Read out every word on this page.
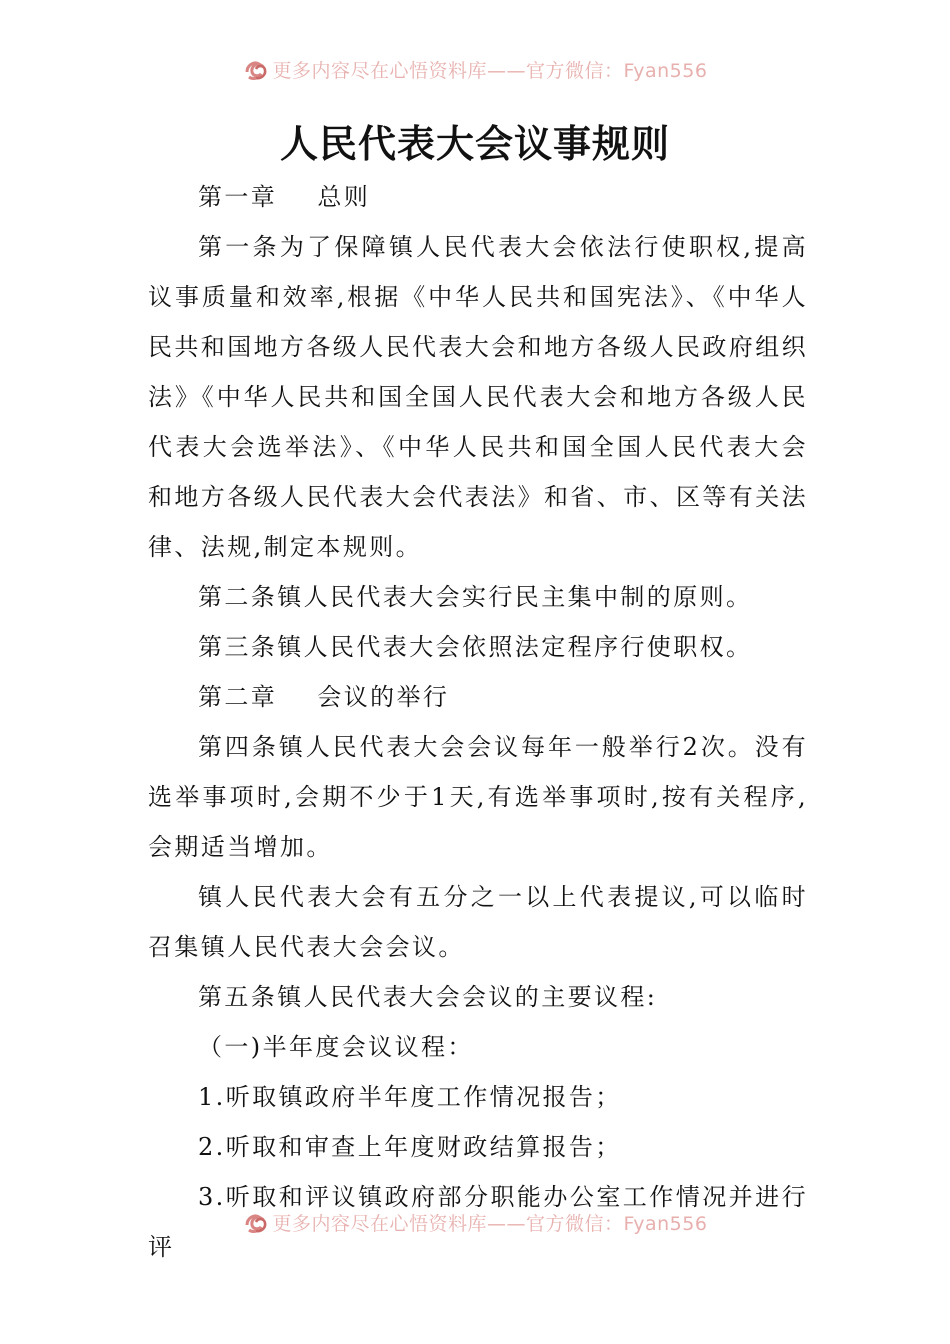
更多内容尽在心悟资料库——官方微信：Fyan556
人民代表大会议事规则

第一章    总则

第一条为了保障镇人民代表大会依法行使职权,提高议事质量和效率,根据《中华人民共和国宪法》、《中华人民共和国地方各级人民代表大会和地方各级人民政府组织法》《中华人民共和国全国人民代表大会和地方各级人民代表大会选举法》、《中华人民共和国全国人民代表大会和地方各级人民代表大会代表法》和省、市、区等有关法律、法规,制定本规则。

第二条镇人民代表大会实行民主集中制的原则。

第三条镇人民代表大会依照法定程序行使职权。

第二章    会议的举行

第四条镇人民代表大会会议每年一般举行2次。没有选举事项时,会期不少于1天,有选举事项时,按有关程序,会期适当增加。

镇人民代表大会有五分之一以上代表提议,可以临时召集镇人民代表大会会议。

第五条镇人民代表大会会议的主要议程:

（一)半年度会议议程：

1.听取镇政府半年度工作情况报告；

2.听取和审查上年度财政结算报告；

3.听取和评议镇政府部分职能办公室工作情况并进行评

更多内容尽在心悟资料库——官方微信：Fyan556
